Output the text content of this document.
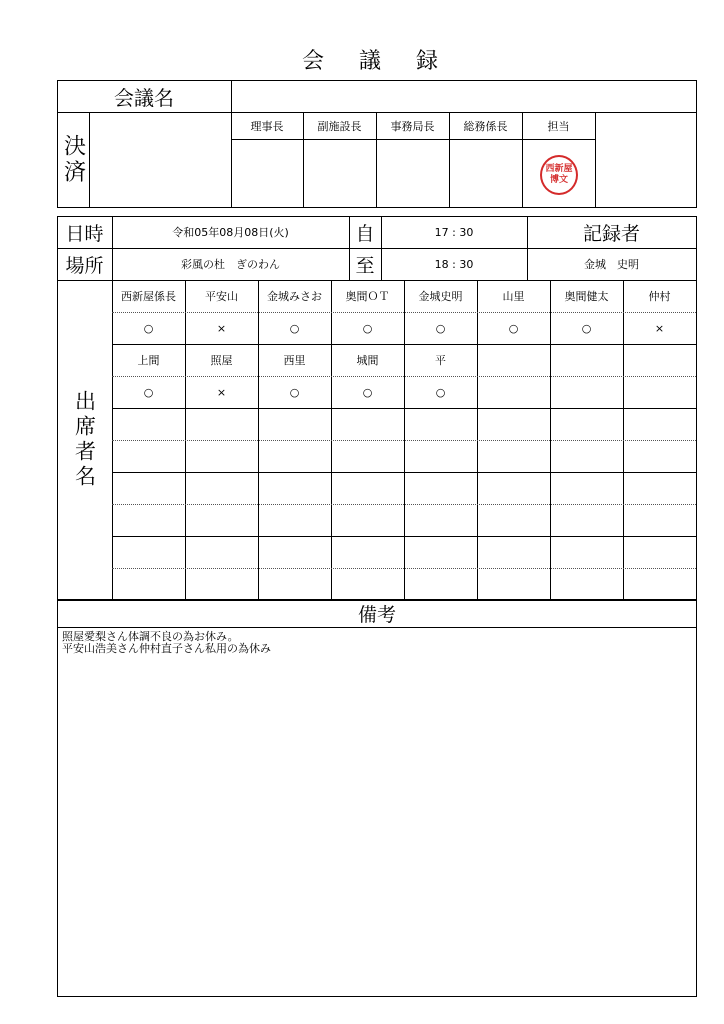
会 議 録
会議名
決済
理事長	副施設長	事務局長	総務係長	担当
西新屋
博文
日時	令和05年08月08日(火)	自	17 : 30	記録者
場所	彩風の杜　ぎのわん	至	18 : 30	金城　史明
出席者名
西新屋係長	平安山	金城みさお	奥間ＯＴ	金城史明	山里	奥間健太	仲村
○	×	○	○	○	○	○	×
上間	照屋	西里	城間	平
○	×	○	○	○
備考
照屋愛梨さん体調不良の為お休み。
平安山浩美さん仲村直子さん私用の為休み
